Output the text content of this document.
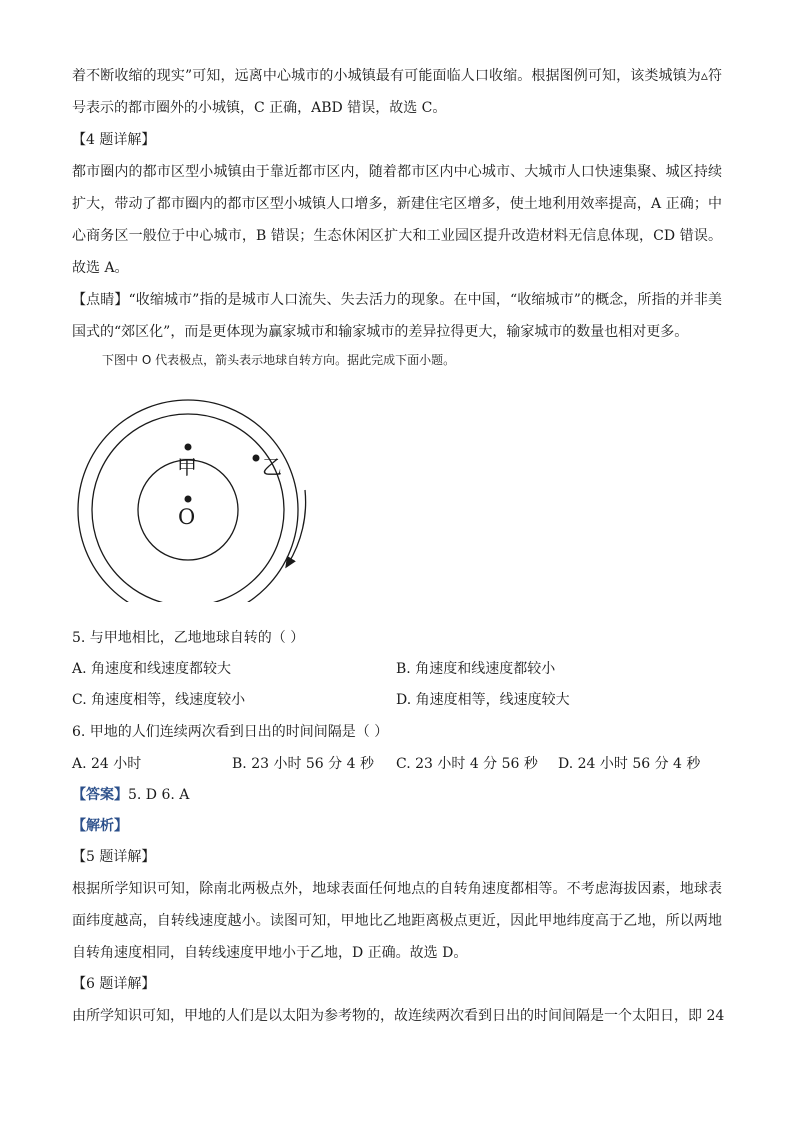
着不断收缩的现实”可知，远离中心城市的小城镇最有可能面临人口收缩。根据图例可知，该类城镇为▵符
号表示的都市圈外的小城镇，C 正确，ABD 错误，故选 C。
【4 题详解】
都市圈内的都市区型小城镇由于靠近都市区内，随着都市区内中心城市、大城市人口快速集聚、城区持续
扩大，带动了都市圈内的都市区型小城镇人口增多，新建住宅区增多，使土地利用效率提高，A 正确；中
心商务区一般位于中心城市，B 错误；生态休闲区扩大和工业园区提升改造材料无信息体现，CD 错误。
故选 A。
【点睛】“收缩城市”指的是城市人口流失、失去活力的现象。在中国，“收缩城市”的概念，所指的并非美
国式的“郊区化”，而是更体现为赢家城市和输家城市的差异拉得更大，输家城市的数量也相对更多。
下图中 O 代表极点，箭头表示地球自转方向。据此完成下面小题。
甲	乙
O
5. 与甲地相比，乙地地球自转的（ ）
A. 角速度和线速度都较大	B. 角速度和线速度都较小
C. 角速度相等，线速度较小	D. 角速度相等，线速度较大
6. 甲地的人们连续两次看到日出的时间间隔是（ ）
A. 24 小时	B. 23 小时 56 分 4 秒 C. 23 小时 4 分 56 秒 D. 24 小时 56 分 4 秒
【答案】5. D 6. A
【解析】
【5 题详解】
根据所学知识可知，除南北两极点外，地球表面任何地点的自转角速度都相等。不考虑海拔因素，地球表
面纬度越高，自转线速度越小。读图可知，甲地比乙地距离极点更近，因此甲地纬度高于乙地，所以两地
自转角速度相同，自转线速度甲地小于乙地，D 正确。故选 D。
【6 题详解】
由所学知识可知，甲地的人们是以太阳为参考物的，故连续两次看到日出的时间间隔是一个太阳日，即 24
